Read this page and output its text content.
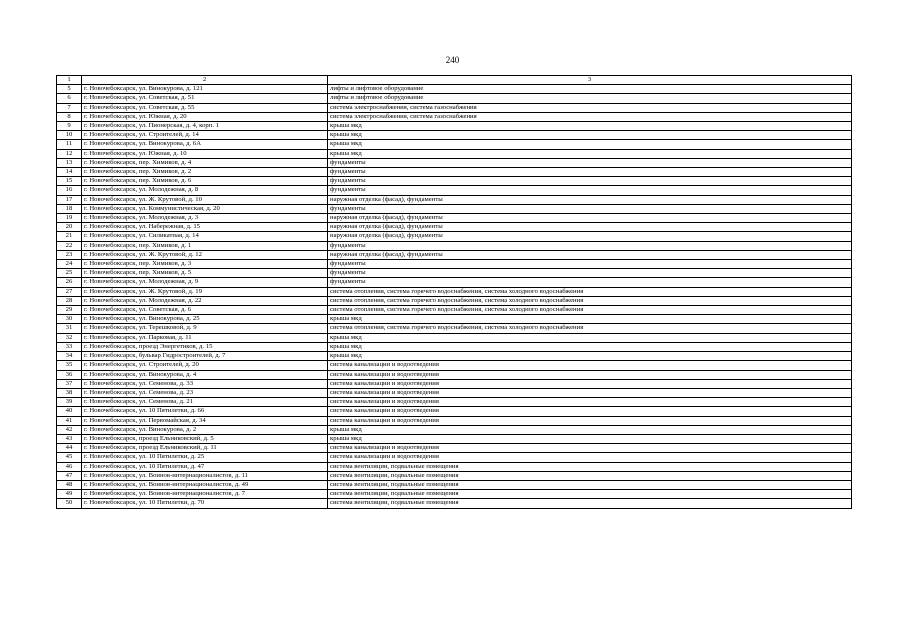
240
1	2	3
5	г. Новочебоксарск, ул. Винокурова, д. 121	лифты и лифтовое оборудование
6	г. Новочебоксарск, ул. Советская, д. 51	лифты и лифтовое оборудование
7	г. Новочебоксарск, ул. Советская, д. 55	система электроснабжения, система газоснабжения
8	г. Новочебоксарск, ул. Южная, д. 20	система электроснабжения, система газоснабжения
9	г. Новочебоксарск, ул. Пионерская, д. 4, корп. 1	крыша мкд
10	г. Новочебоксарск, ул. Строителей, д. 14	крыша мкд
11	г. Новочебоксарск, ул. Винокурова, д. 6А	крыша мкд
12	г. Новочебоксарск, ул. Южная, д. 10	крыша мкд
13	г. Новочебоксарск, пер. Химиков, д. 4	фундаменты
14	г. Новочебоксарск, пер. Химиков, д. 2	фундаменты
15	г. Новочебоксарск, пер. Химиков, д. 6	фундаменты
16	г. Новочебоксарск, ул. Молодежная, д. 8	фундаменты
17	г. Новочебоксарск, ул. Ж. Крутовой, д. 10	наружная отделка (фасад), фундаменты
18	г. Новочебоксарск, ул. Коммунистическая, д. 20	фундаменты
19	г. Новочебоксарск, ул. Молодежная, д. 3	наружная отделка (фасад), фундаменты
20	г. Новочебоксарск, ул. Набережная, д. 15	наружная отделка (фасад), фундаменты
21	г. Новочебоксарск, ул. Силикатная, д. 14	наружная отделка (фасад), фундаменты
22	г. Новочебоксарск, пер. Химиков, д. 1	фундаменты
23	г. Новочебоксарск, ул. Ж. Крутовой, д. 12	наружная отделка (фасад), фундаменты
24	г. Новочебоксарск, пер. Химиков, д. 3	фундаменты
25	г. Новочебоксарск, пер. Химиков, д. 5	фундаменты
26	г. Новочебоксарск, ул. Молодежная, д. 9	фундаменты
27	г. Новочебоксарск, ул. Ж. Крутовой, д. 19	система отопления, система горячего водоснабжения, система холодного водоснабжения
28	г. Новочебоксарск, ул. Молодежная, д. 22	система отопления, система горячего водоснабжения, система холодного водоснабжения
29	г. Новочебоксарск, ул. Советская, д. 6	система отопления, система горячего водоснабжения, система холодного водоснабжения
30	г. Новочебоксарск, ул. Винокурова, д. 25	крыша мкд
31	г. Новочебоксарск, ул. Терешковой, д. 9	система отопления, система горячего водоснабжения, система холодного водоснабжения
32	г. Новочебоксарск, ул. Парковая, д. 11	крыша мкд
33	г. Новочебоксарск, проезд Энергетиков, д. 15	крыша мкд
34	г. Новочебоксарск, бульвар Гидростроителей, д. 7	крыша мкд
35	г. Новочебоксарск, ул. Строителей, д. 20	система канализации и водоотведения
36	г. Новочебоксарск, ул. Винокурова, д. 4	система канализации и водоотведения
37	г. Новочебоксарск, ул. Семенова, д. 33	система канализации и водоотведения
38	г. Новочебоксарск, ул. Семенова, д. 23	система канализации и водоотведения
39	г. Новочебоксарск, ул. Семенова, д. 21	система канализации и водоотведения
40	г. Новочебоксарск, ул. 10 Пятилетки, д. 66	система канализации и водоотведения
41	г. Новочебоксарск, ул. Первомайская, д. 34	система канализации и водоотведения
42	г. Новочебоксарск, ул. Винокурова, д. 2	крыша мкд
43	г. Новочебоксарск, проезд Ельниковский, д. 5	крыша мкд
44	г. Новочебоксарск, проезд Ельниковский, д. 11	система канализации и водоотведения
45	г. Новочебоксарск, ул. 10 Пятилетки, д. 25	система канализации и водоотведения
46	г. Новочебоксарск, ул. 10 Пятилетки, д. 47	система вентиляции, подвальные помещения
47	г. Новочебоксарск, ул. Воинов-интернационалистов, д. 11	система вентиляции, подвальные помещения
48	г. Новочебоксарск, ул. Воинов-интернационалистов, д. 49	система вентиляции, подвальные помещения
49	г. Новочебоксарск, ул. Воинов-интернационалистов, д. 7	система вентиляции, подвальные помещения
50	г. Новочебоксарск, ул. 10 Пятилетки, д. 70	система вентиляции, подвальные помещения
